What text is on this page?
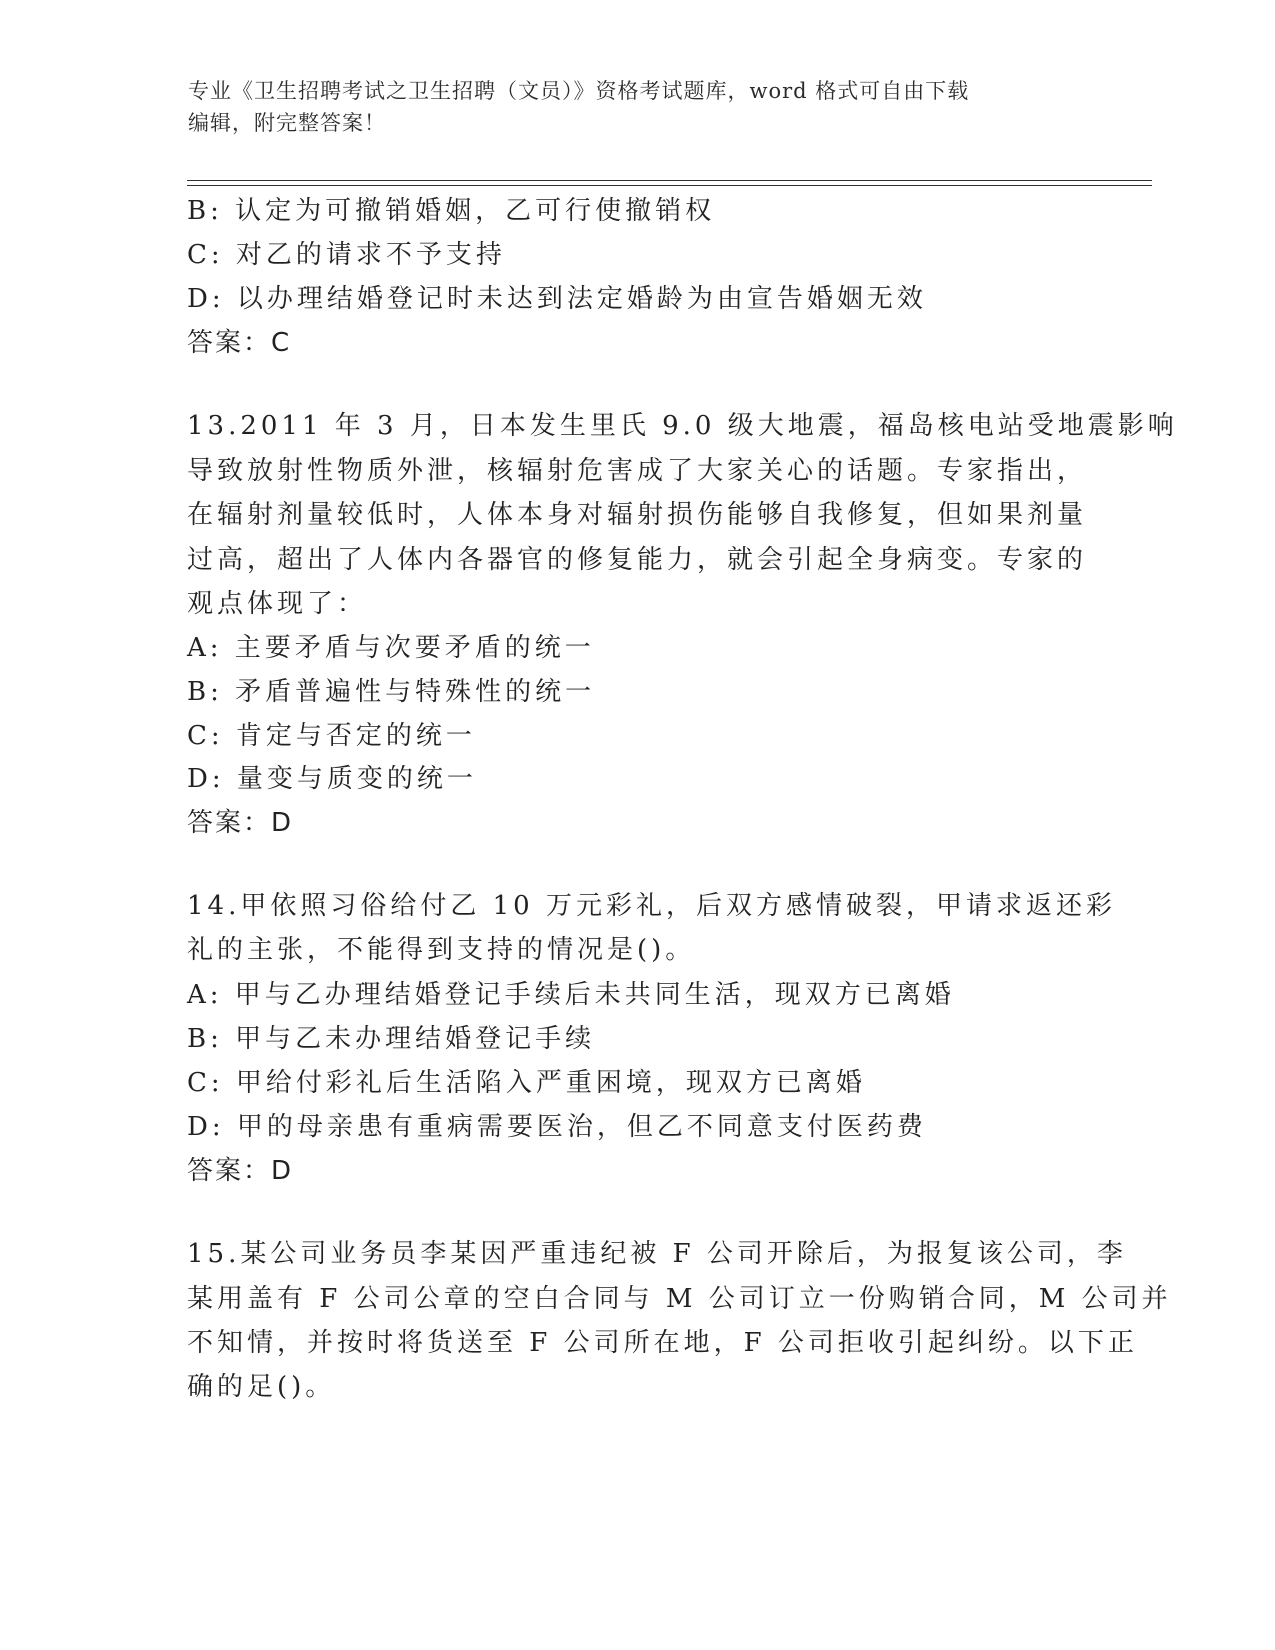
专业《卫生招聘考试之卫生招聘（文员）》资格考试题库，word 格式可自由下载
编辑，附完整答案！
B: 认定为可撤销婚姻，乙可行使撤销权
C: 对乙的请求不予支持
D: 以办理结婚登记时未达到法定婚龄为由宣告婚姻无效
答案：C
13.2011 年 3 月，日本发生里氏 9.0 级大地震，福岛核电站受地震影响
导致放射性物质外泄，核辐射危害成了大家关心的话题。专家指出，
在辐射剂量较低时，人体本身对辐射损伤能够自我修复，但如果剂量
过高，超出了人体内各器官的修复能力，就会引起全身病变。专家的
观点体现了：
A: 主要矛盾与次要矛盾的统一
B: 矛盾普遍性与特殊性的统一
C: 肯定与否定的统一
D: 量变与质变的统一
答案：D
14.甲依照习俗给付乙 10 万元彩礼，后双方感情破裂，甲请求返还彩
礼的主张，不能得到支持的情况是()。
A: 甲与乙办理结婚登记手续后未共同生活，现双方已离婚
B: 甲与乙未办理结婚登记手续
C: 甲给付彩礼后生活陷入严重困境，现双方已离婚
D: 甲的母亲患有重病需要医治，但乙不同意支付医药费
答案：D
15.某公司业务员李某因严重违纪被 F 公司开除后，为报复该公司，李
某用盖有 F 公司公章的空白合同与 M 公司订立一份购销合同，M 公司并
不知情，并按时将货送至 F 公司所在地，F 公司拒收引起纠纷。以下正
确的足()。
